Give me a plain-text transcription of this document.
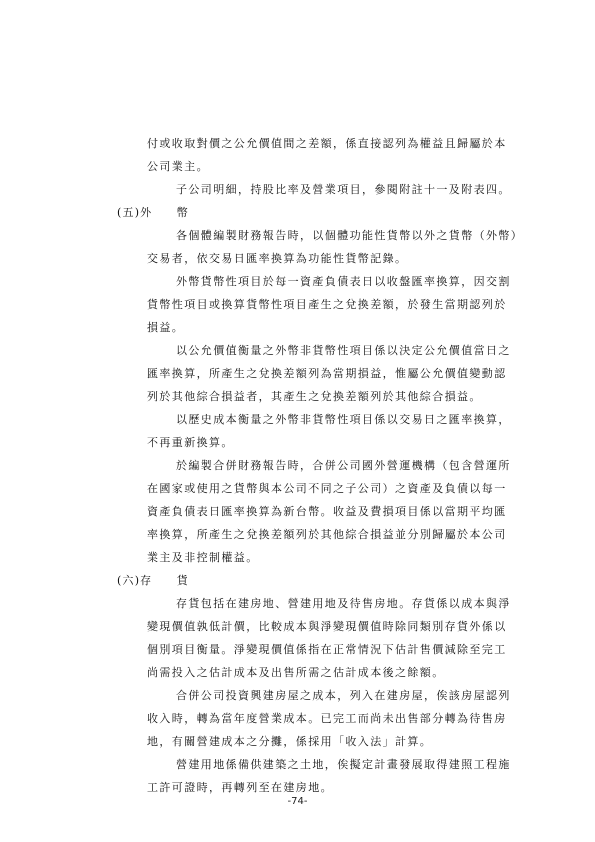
付或收取對價之公允價值間之差額，係直接認列為權益且歸屬於本
公司業主。
子公司明細，持股比率及營業項目，參閱附註十一及附表四。
(五)外　　幣
各個體編製財務報告時，以個體功能性貨幣以外之貨幣（外幣）
交易者，依交易日匯率換算為功能性貨幣記錄。
外幣貨幣性項目於每一資產負債表日以收盤匯率換算，因交割
貨幣性項目或換算貨幣性項目產生之兌換差額，於發生當期認列於
損益。
以公允價值衡量之外幣非貨幣性項目係以決定公允價值當日之
匯率換算，所產生之兌換差額列為當期損益，惟屬公允價值變動認
列於其他綜合損益者，其產生之兌換差額列於其他綜合損益。
以歷史成本衡量之外幣非貨幣性項目係以交易日之匯率換算，
不再重新換算。
於編製合併財務報告時，合併公司國外營運機構（包含營運所
在國家或使用之貨幣與本公司不同之子公司）之資產及負債以每一
資產負債表日匯率換算為新台幣。收益及費損項目係以當期平均匯
率換算，所產生之兌換差額列於其他綜合損益並分別歸屬於本公司
業主及非控制權益。
(六)存　　貨
存貨包括在建房地、營建用地及待售房地。存貨係以成本與淨
變現價值孰低計價，比較成本與淨變現價值時除同類別存貨外係以
個別項目衡量。淨變現價值係指在正常情況下估計售價減除至完工
尚需投入之估計成本及出售所需之估計成本後之餘額。
合併公司投資興建房屋之成本，列入在建房屋，俟該房屋認列
收入時，轉為當年度營業成本。已完工而尚未出售部分轉為待售房
地，有關營建成本之分攤，係採用「收入法」計算。
營建用地係備供建築之土地，俟擬定計畫發展取得建照工程施
工許可證時，再轉列至在建房地。
-74-
